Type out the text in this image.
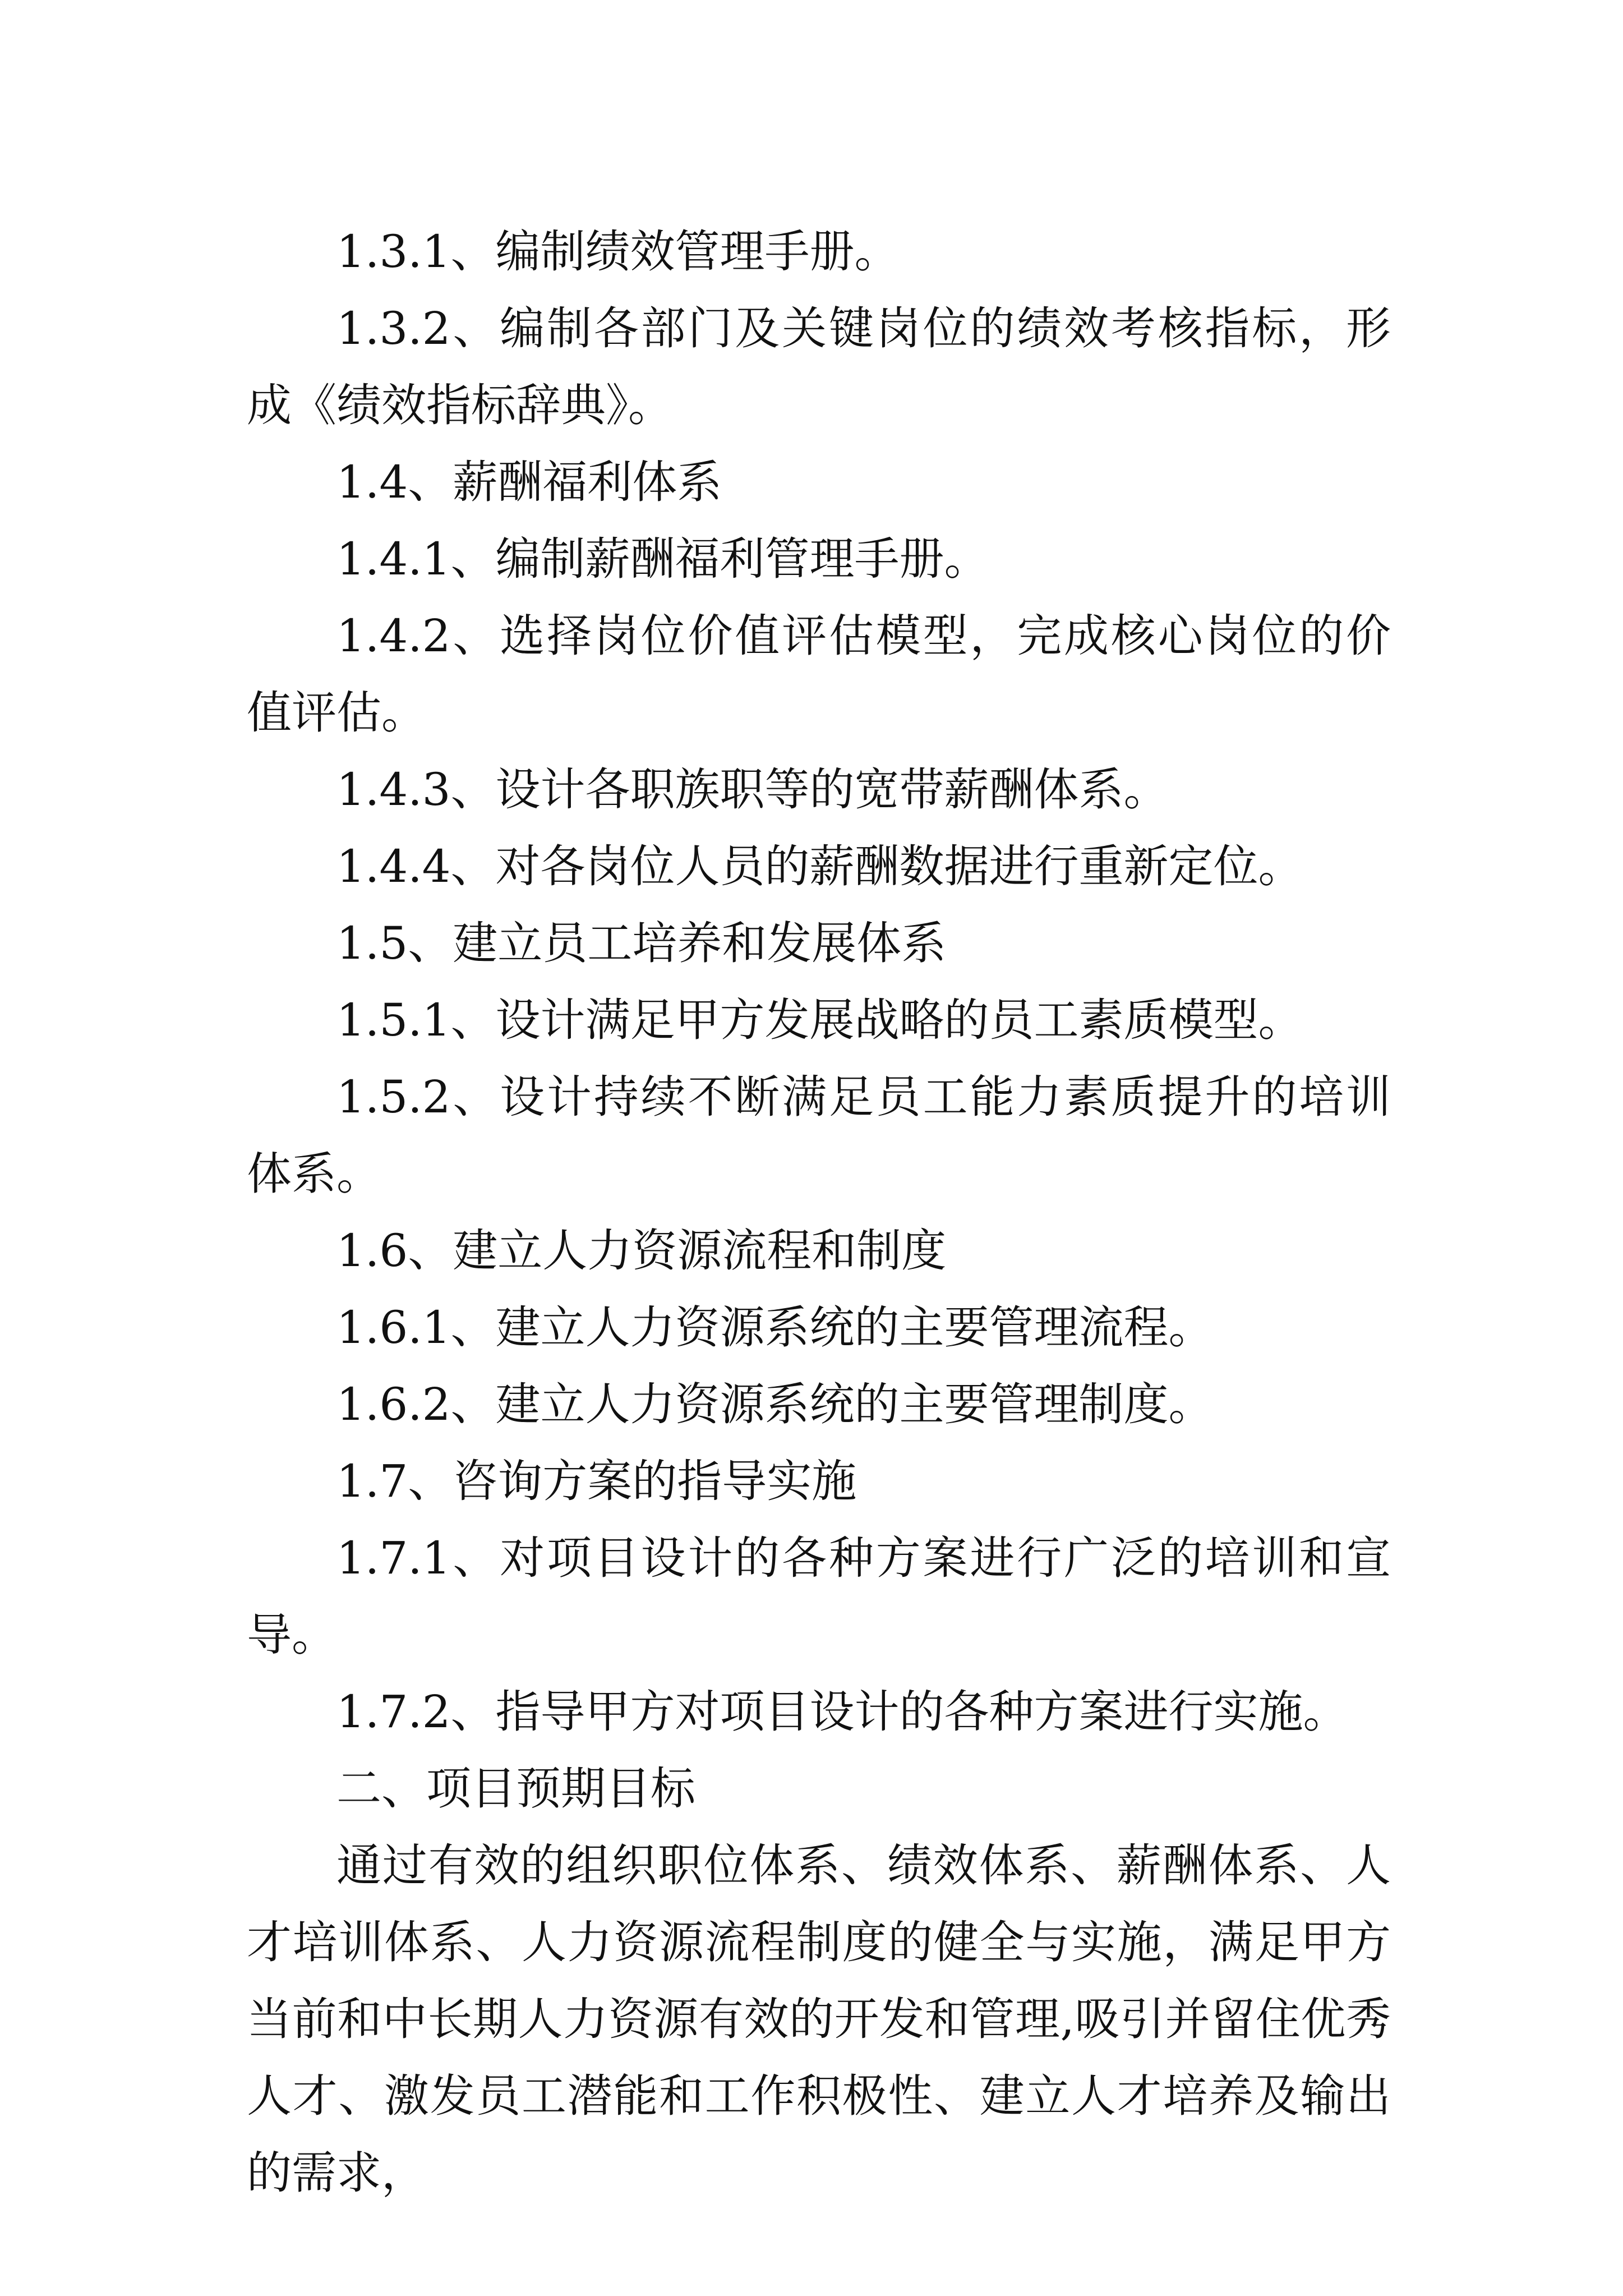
1.3.1、编制绩效管理手册。

1.3.2、编制各部门及关键岗位的绩效考核指标，形成《绩效指标辞典》。

1.4、薪酬福利体系

1.4.1、编制薪酬福利管理手册。

1.4.2、选择岗位价值评估模型，完成核心岗位的价值评估。

1.4.3、设计各职族职等的宽带薪酬体系。

1.4.4、对各岗位人员的薪酬数据进行重新定位。

1.5、建立员工培养和发展体系

1.5.1、设计满足甲方发展战略的员工素质模型。

1.5.2、设计持续不断满足员工能力素质提升的培训体系。

1.6、建立人力资源流程和制度

1.6.1、建立人力资源系统的主要管理流程。

1.6.2、建立人力资源系统的主要管理制度。

1.7、咨询方案的指导实施

1.7.1、对项目设计的各种方案进行广泛的培训和宣导。

1.7.2、指导甲方对项目设计的各种方案进行实施。

二、项目预期目标

通过有效的组织职位体系、绩效体系、薪酬体系、人才培训体系、人力资源流程制度的健全与实施，满足甲方当前和中长期人力资源有效的开发和管理,吸引并留住优秀人才、激发员工潜能和工作积极性、建立人才培养及输出的需求，
